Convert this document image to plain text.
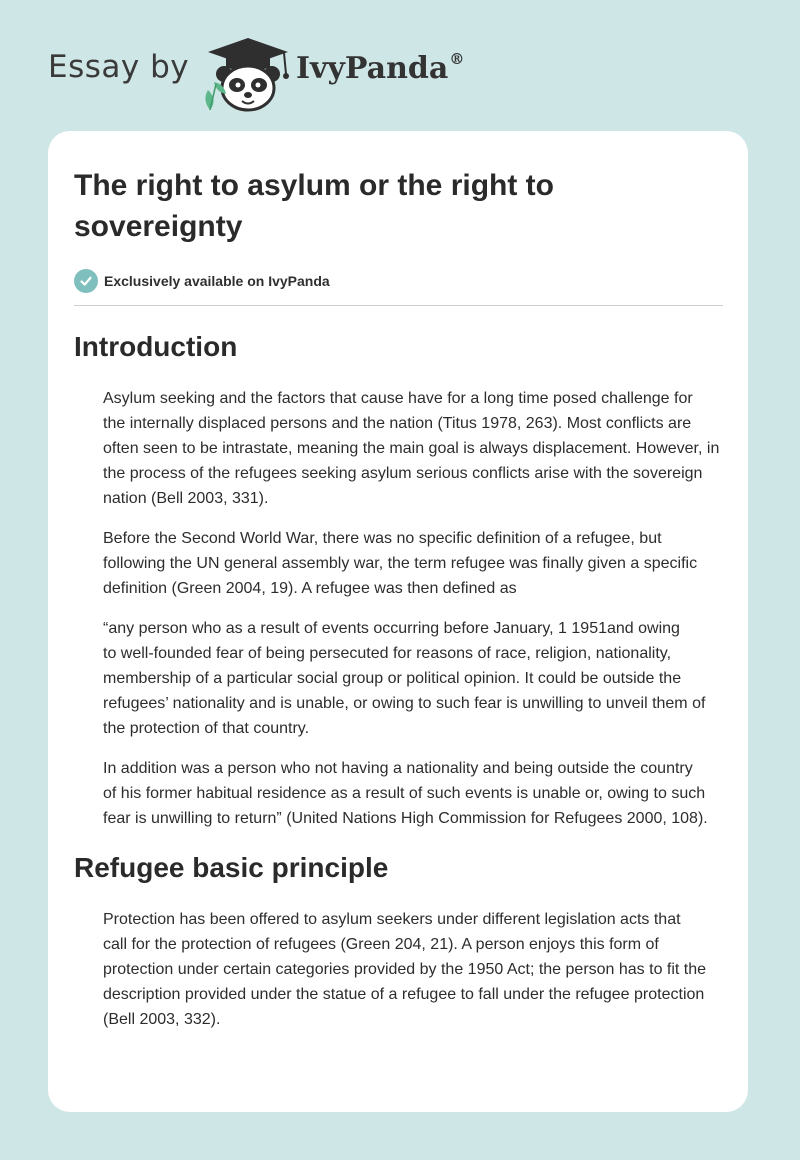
Essay by	IvyPanda®
The right to asylum or the right to
sovereignty
Exclusively available on IvyPanda
Introduction

Asylum seeking and the factors that cause have for a long time posed challenge for
the internally displaced persons and the nation (Titus 1978, 263). Most conflicts are
often seen to be intrastate, meaning the main goal is always displacement. However, in
the process of the refugees seeking asylum serious conflicts arise with the sovereign
nation (Bell 2003, 331).

Before the Second World War, there was no specific definition of a refugee, but
following the UN general assembly war, the term refugee was finally given a specific
definition (Green 2004, 19). A refugee was then defined as

“any person who as a result of events occurring before January, 1 1951and owing
to well-founded fear of being persecuted for reasons of race, religion, nationality,
membership of a particular social group or political opinion. It could be outside the
refugees’ nationality and is unable, or owing to such fear is unwilling to unveil them of
the protection of that country.

In addition was a person who not having a nationality and being outside the country
of his former habitual residence as a result of such events is unable or, owing to such
fear is unwilling to return” (United Nations High Commission for Refugees 2000, 108).

Refugee basic principle

Protection has been offered to asylum seekers under different legislation acts that
call for the protection of refugees (Green 204, 21). A person enjoys this form of
protection under certain categories provided by the 1950 Act; the person has to fit the
description provided under the statue of a refugee to fall under the refugee protection
(Bell 2003, 332).
